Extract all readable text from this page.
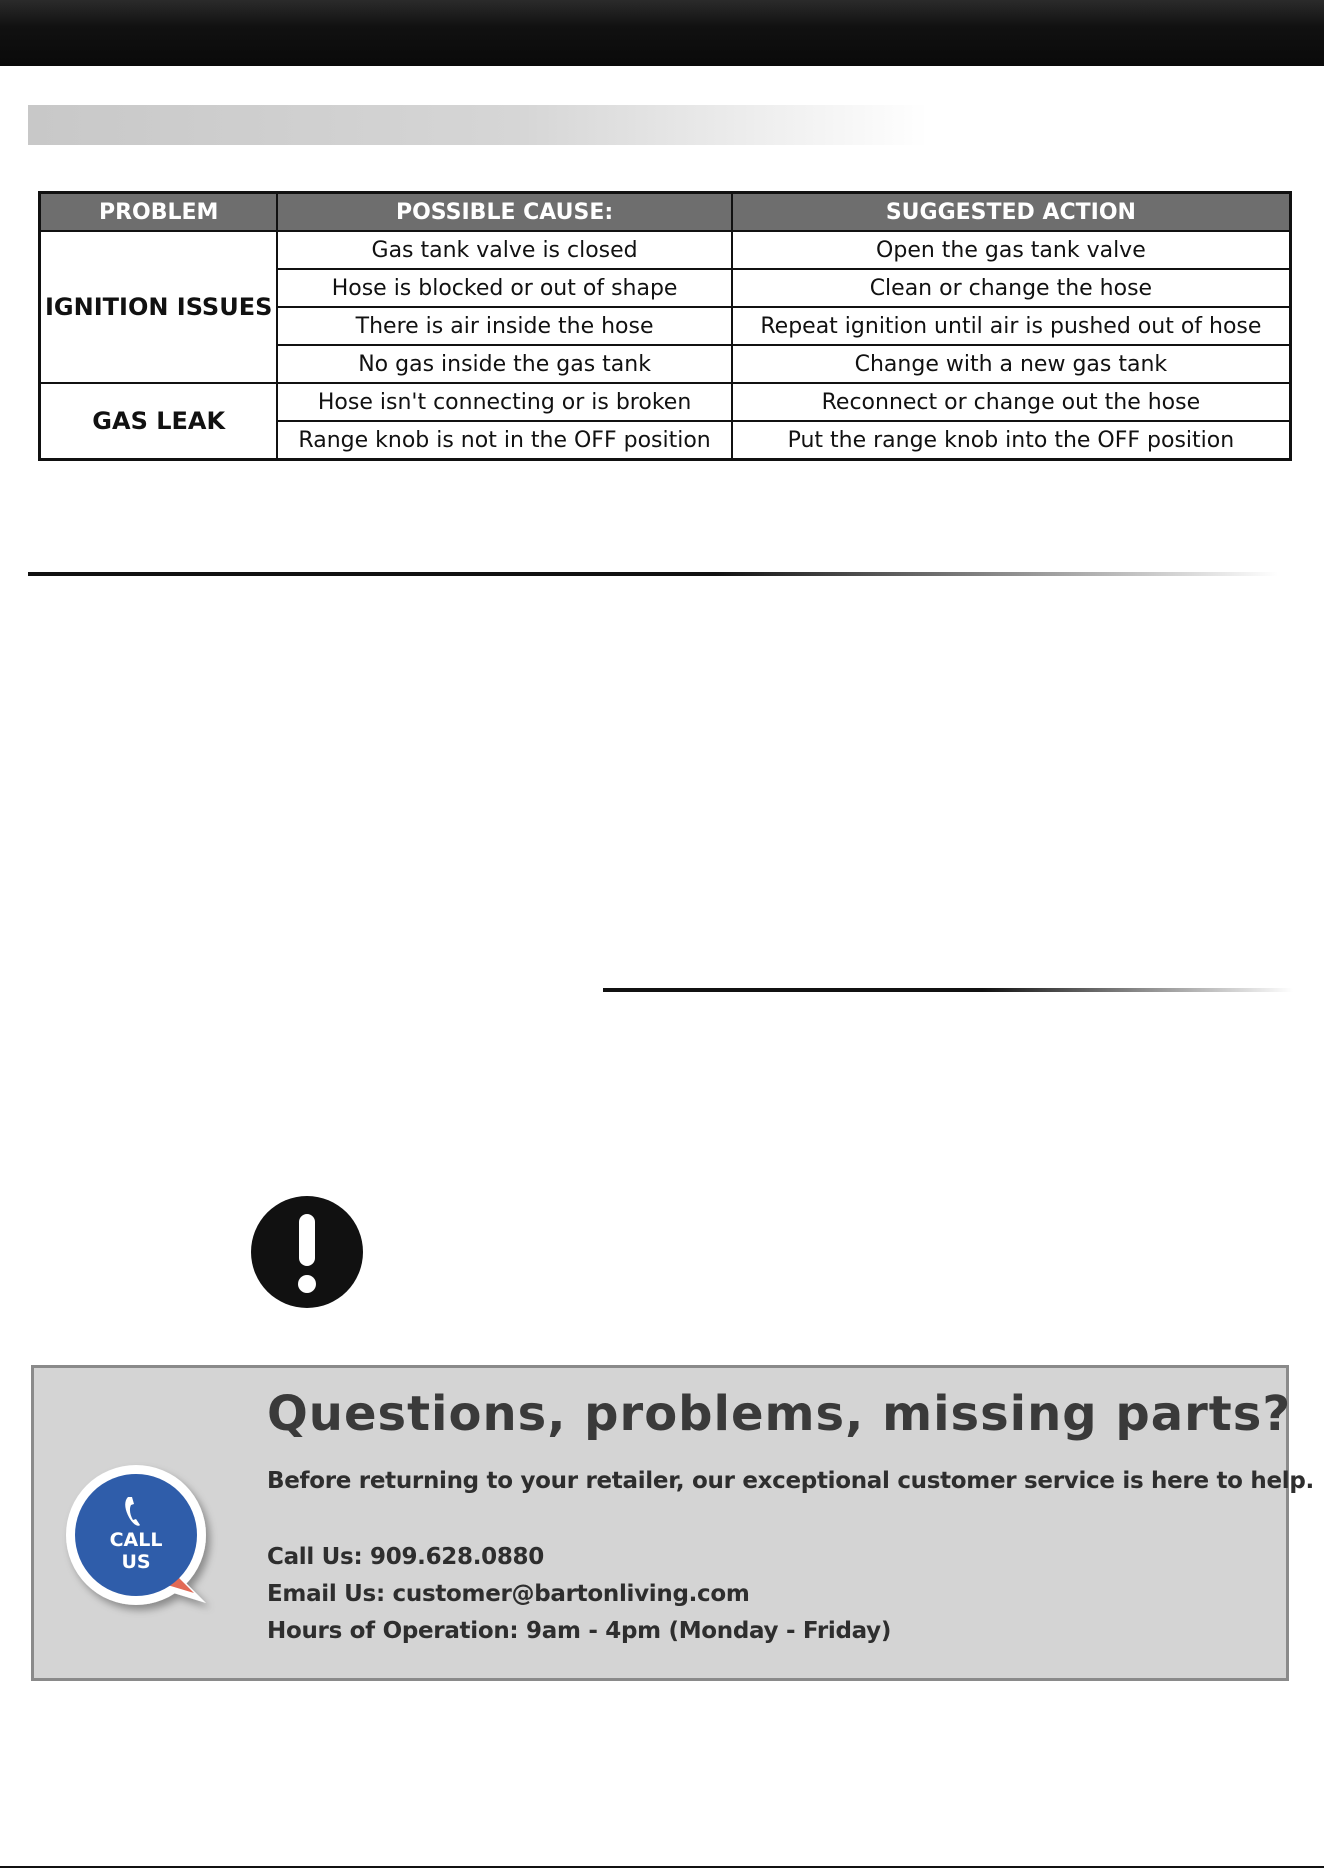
PROBLEM	POSSIBLE CAUSE:	SUGGESTED ACTION
IGNITION ISSUES	Gas tank valve is closed	Open the gas tank valve
	Hose is blocked or out of shape	Clean or change the hose
	There is air inside the hose	Repeat ignition until air is pushed out of hose
	No gas inside the gas tank	Change with a new gas tank
GAS LEAK	Hose isn't connecting or is broken	Reconnect or change out the hose
	Range knob is not in the OFF position	Put the range knob into the OFF position
CALL
US
Questions, problems, missing parts?
Before returning to your retailer, our exceptional customer service is here to help.
Call Us: 909.628.0880
Email Us: customer@bartonliving.com
Hours of Operation: 9am - 4pm (Monday - Friday)
